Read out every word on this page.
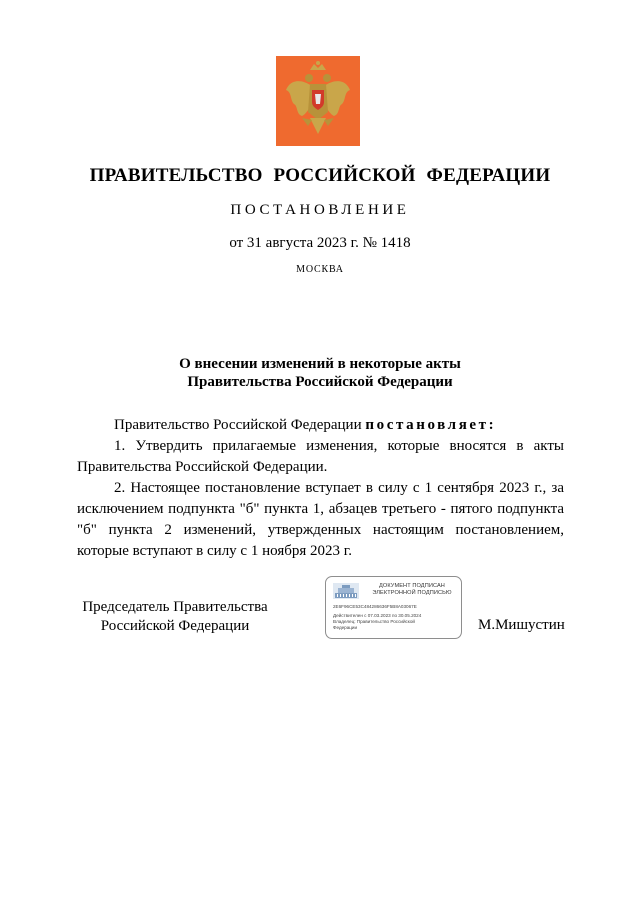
ПРАВИТЕЛЬСТВО РОССИЙСКОЙ ФЕДЕРАЦИИ
ПОСТАНОВЛЕНИЕ
от 31 августа 2023 г. № 1418
МОСКВА
О внесении изменений в некоторые акты
Правительства Российской Федерации

Правительство Российской Федерации постановляет:

1. Утвердить прилагаемые изменения, которые вносятся в акты Правительства Российской Федерации.

2. Настоящее постановление вступает в силу с 1 сентября 2023 г., за исключением подпункта "б" пункта 1, абзацев третьего - пятого подпункта "б" пункта 2 изменений, утвержденных настоящим постановлением, которые вступают в силу с 1 ноября 2023 г.

Председатель Правительства
Российской Федерации
ДОКУМЕНТ ПОДПИСАН
ЭЛЕКТРОННОЙ ПОДПИСЬЮ
2E6F96CE53C484286636F5B8A03067E
Действителен с 07.03.2023 по 30.05.2024
Владелец: Правительство Российской
Федерации	М.Мишустин
